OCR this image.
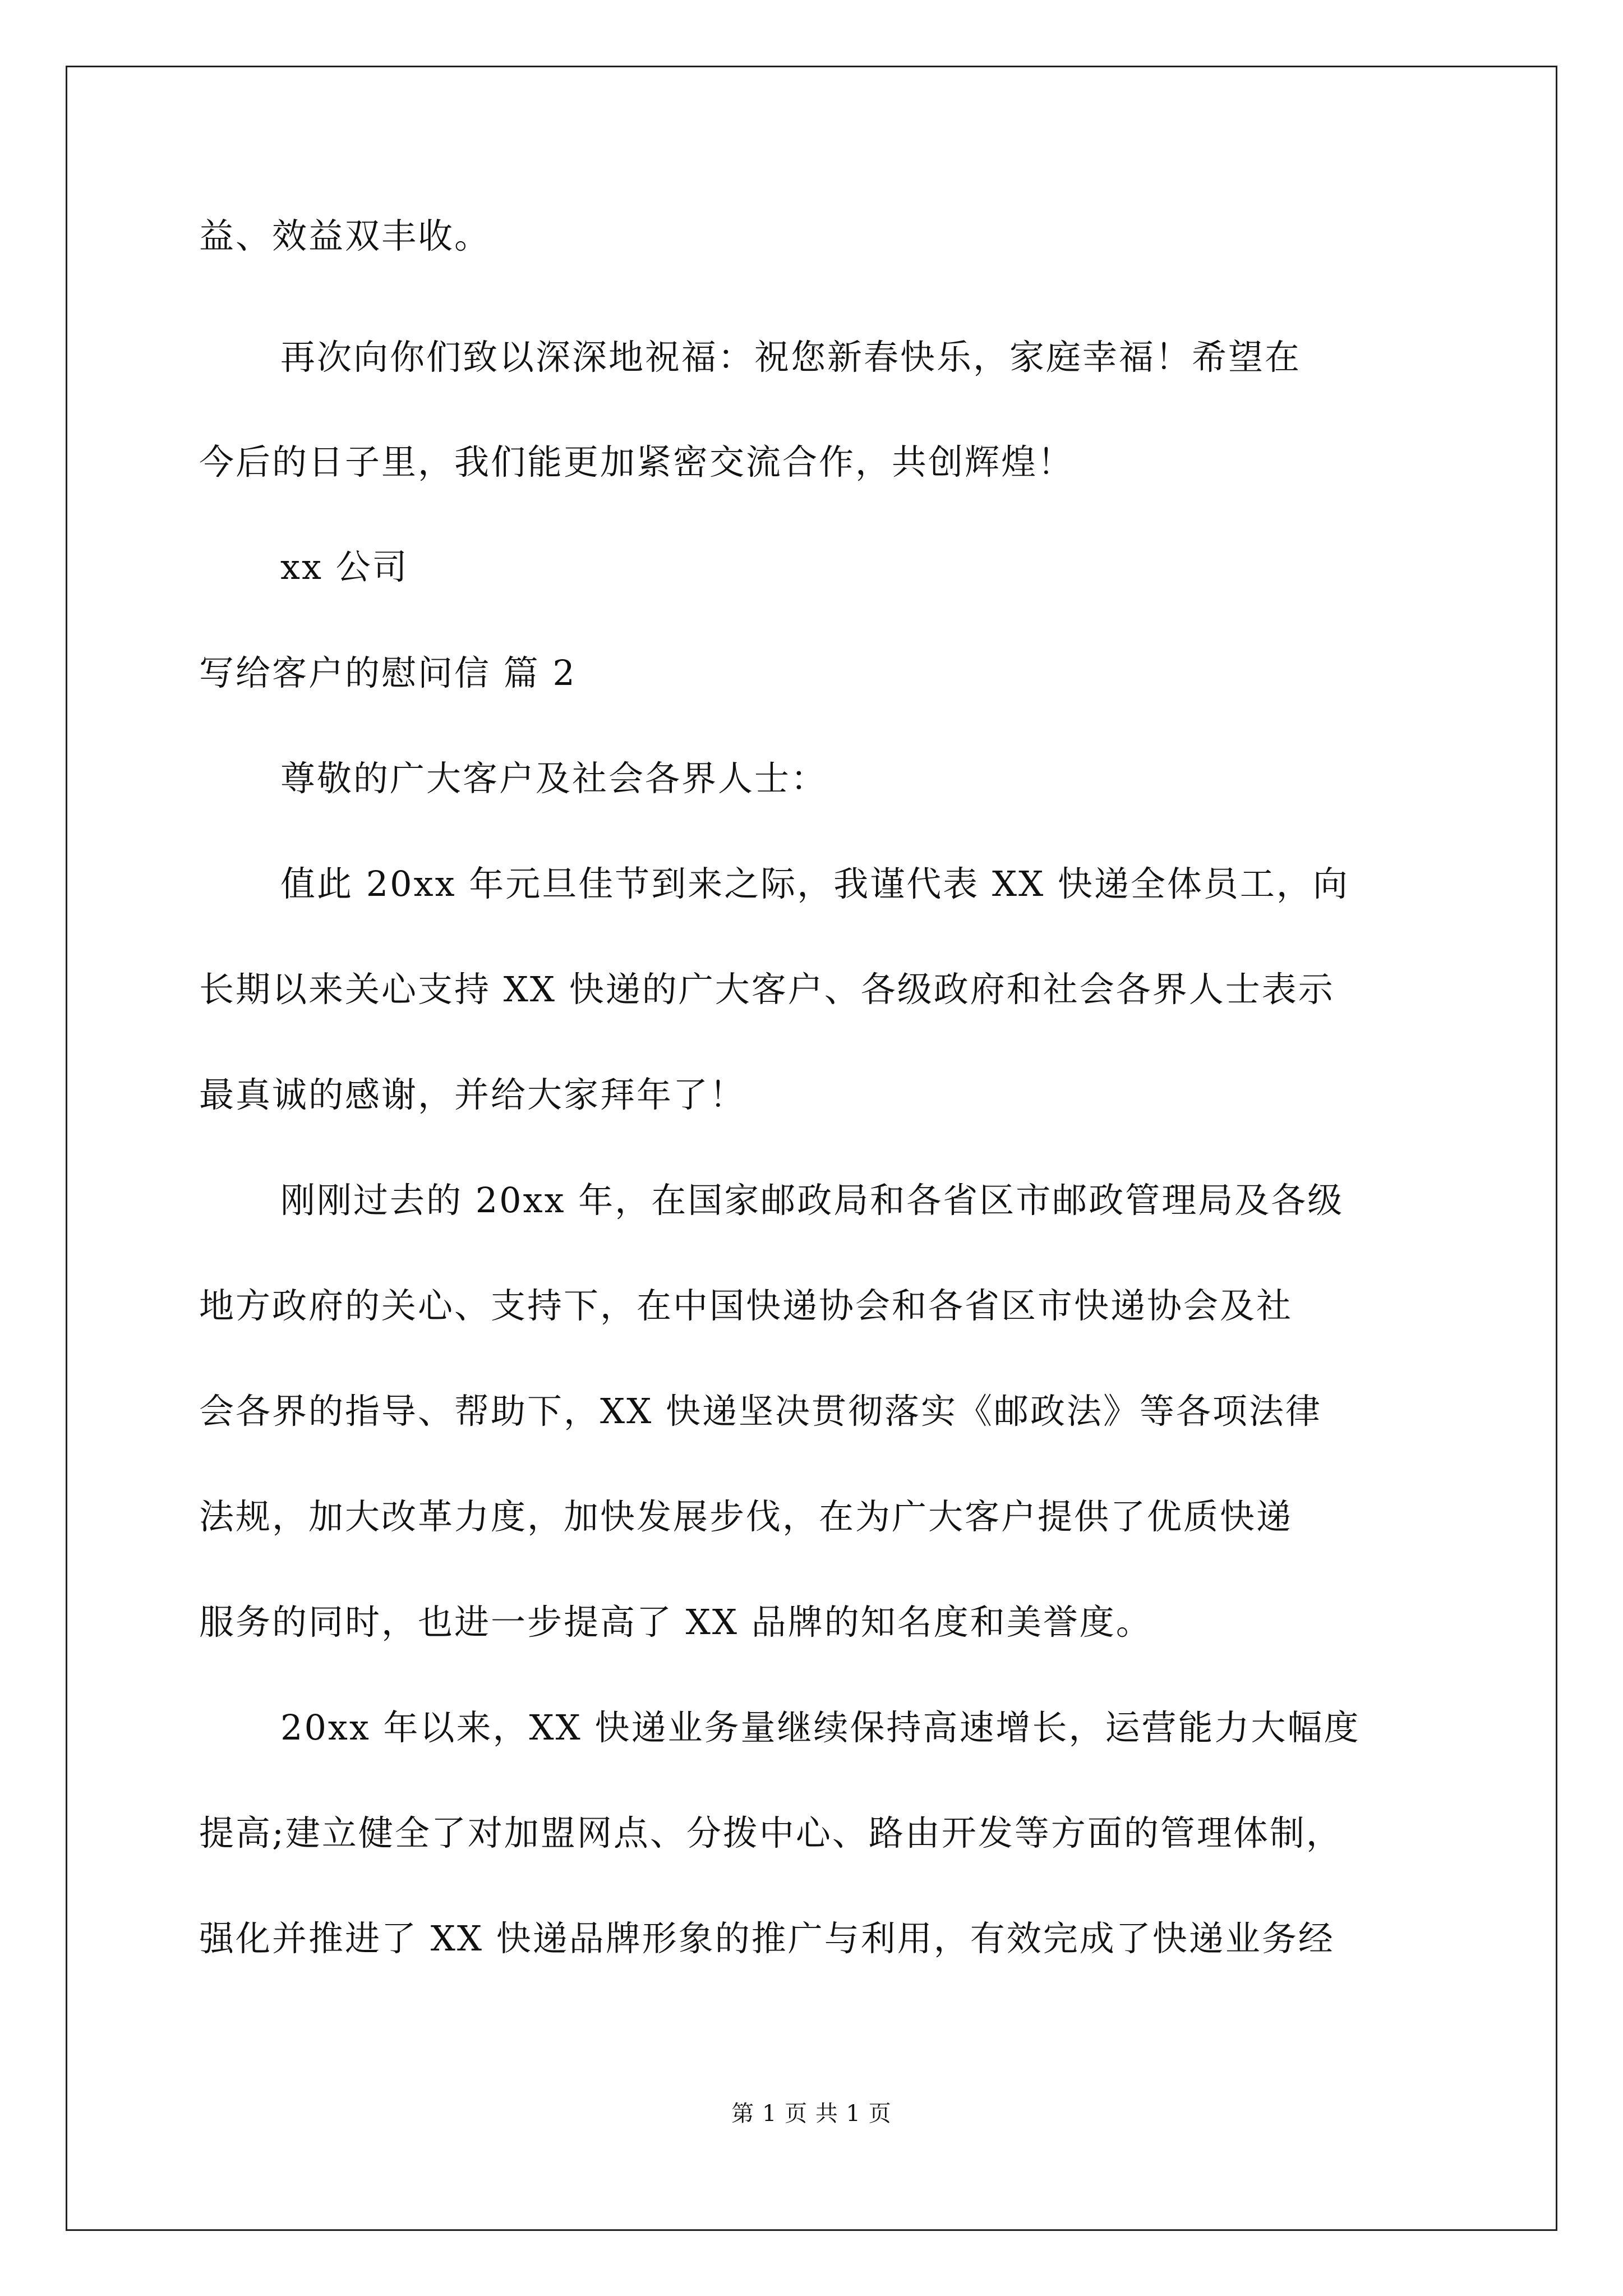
益、效益双丰收。
再次向你们致以深深地祝福：祝您新春快乐，家庭幸福！希望在
今后的日子里，我们能更加紧密交流合作，共创辉煌！
xx 公司
写给客户的慰问信 篇 2
尊敬的广大客户及社会各界人士：
值此 20xx 年元旦佳节到来之际，我谨代表 XX 快递全体员工，向
长期以来关心支持 XX 快递的广大客户、各级政府和社会各界人士表示
最真诚的感谢，并给大家拜年了！
刚刚过去的 20xx 年，在国家邮政局和各省区市邮政管理局及各级
地方政府的关心、支持下，在中国快递协会和各省区市快递协会及社
会各界的指导、帮助下，XX 快递坚决贯彻落实《邮政法》等各项法律
法规，加大改革力度，加快发展步伐，在为广大客户提供了优质快递
服务的同时，也进一步提高了 XX 品牌的知名度和美誉度。
20xx 年以来，XX 快递业务量继续保持高速增长，运营能力大幅度
提高;建立健全了对加盟网点、分拨中心、路由开发等方面的管理体制，
强化并推进了 XX 快递品牌形象的推广与利用，有效完成了快递业务经
第 1 页 共 1 页
